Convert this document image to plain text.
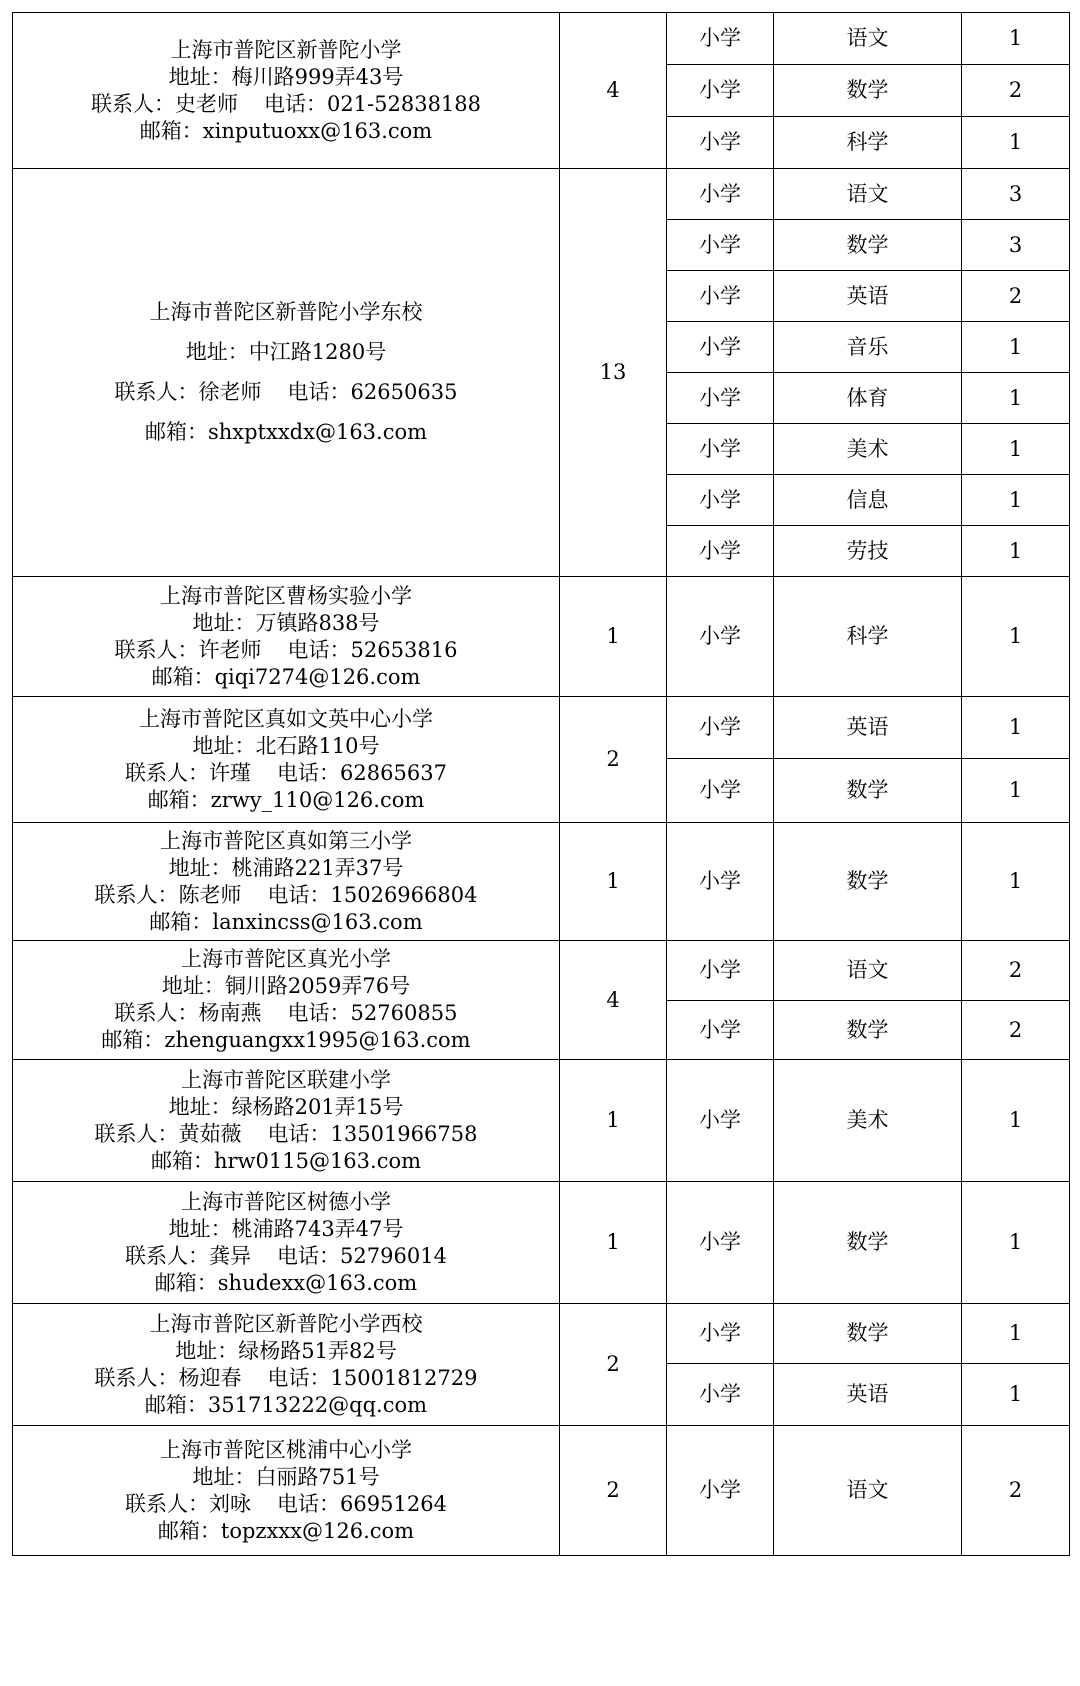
上海市普陀区新普陀小学
地址：梅川路999弄43号
联系人：史老师 电话：021-52838188
邮箱：xinputuoxx@163.com	4	小学	语文	1
		小学	数学	2
		小学	科学	1

上海市普陀区新普陀小学东校
地址：中江路1280号
联系人：徐老师 电话：62650635
邮箱：shxptxxdx@163.com	13	小学	语文	3
		小学	数学	3
		小学	英语	2
		小学	音乐	1
		小学	体育	1
		小学	美术	1
		小学	信息	1
		小学	劳技	1

上海市普陀区曹杨实验小学
地址：万镇路838号
联系人：许老师 电话：52653816
邮箱：qiqi7274@126.com	1	小学	科学	1

上海市普陀区真如文英中心小学
地址：北石路110号
联系人：许瑾 电话：62865637
邮箱：zrwy_110@126.com	2	小学	英语	1
		小学	数学	1

上海市普陀区真如第三小学
地址：桃浦路221弄37号
联系人：陈老师 电话：15026966804
邮箱：lanxincss@163.com	1	小学	数学	1

上海市普陀区真光小学
地址：铜川路2059弄76号
联系人：杨南燕 电话：52760855
邮箱：zhenguangxx1995@163.com	4	小学	语文	2
		小学	数学	2

上海市普陀区联建小学
地址：绿杨路201弄15号
联系人：黄茹薇 电话：13501966758
邮箱：hrw0115@163.com	1	小学	美术	1

上海市普陀区树德小学
地址：桃浦路743弄47号
联系人：龚异 电话：52796014
邮箱：shudexx@163.com	1	小学	数学	1

上海市普陀区新普陀小学西校
地址：绿杨路51弄82号
联系人：杨迎春 电话：15001812729
邮箱：351713222@qq.com	2	小学	数学	1
		小学	英语	1

上海市普陀区桃浦中心小学
地址：白丽路751号
联系人：刘咏 电话：66951264
邮箱：topzxxx@126.com	2	小学	语文	2
